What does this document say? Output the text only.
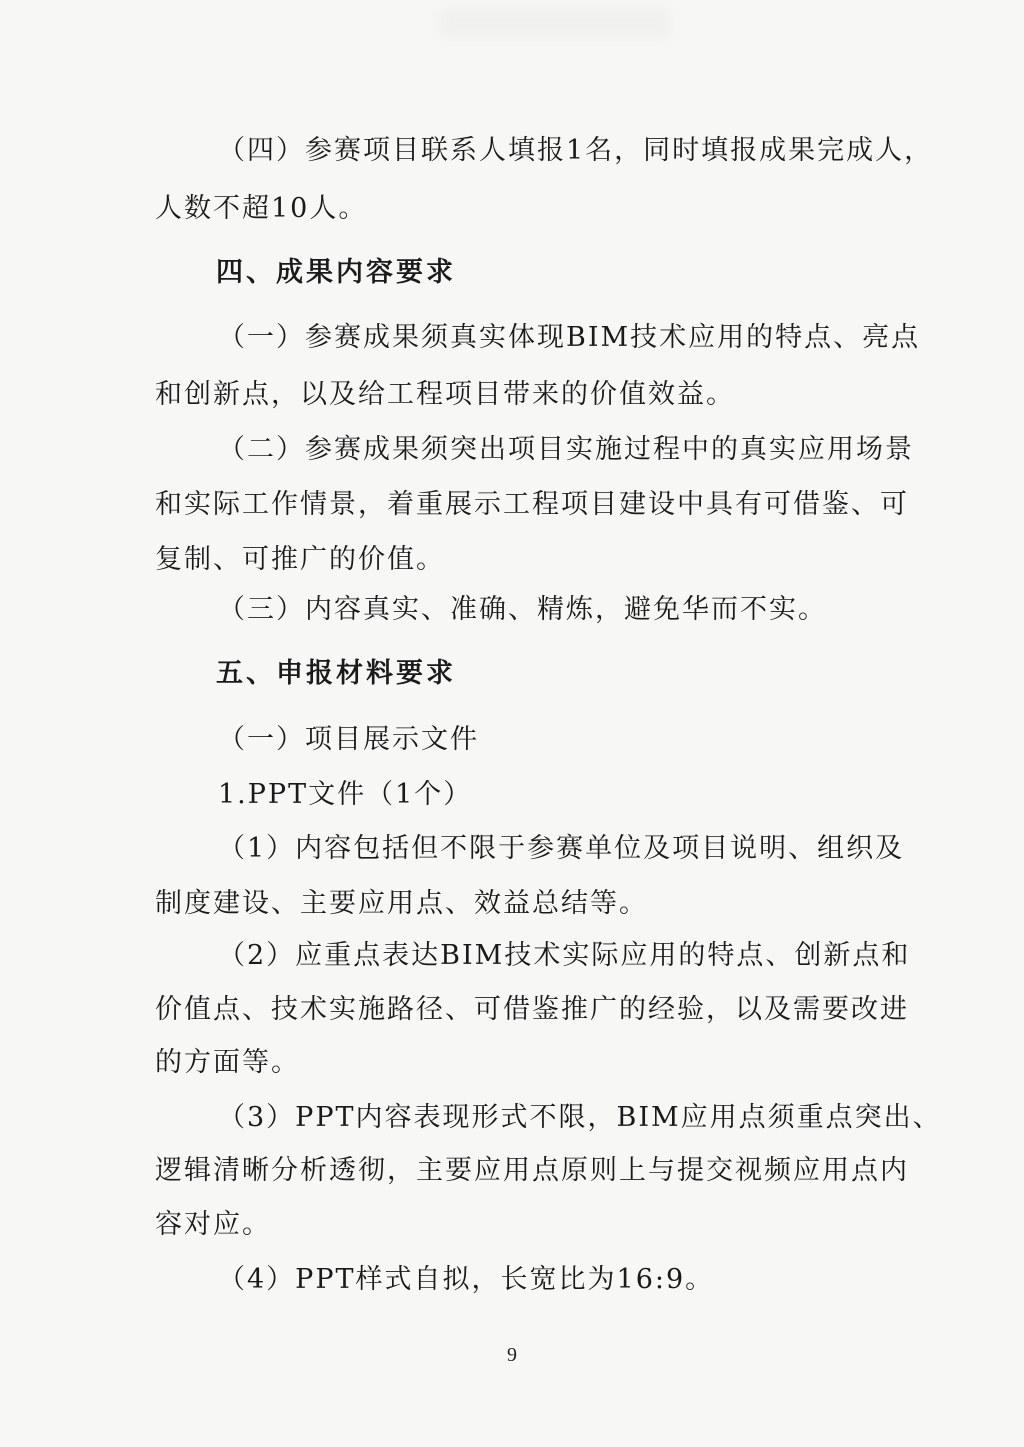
（四）参赛项目联系人填报1名，同时填报成果完成人，
人数不超10人。
四、成果内容要求
（一）参赛成果须真实体现BIM技术应用的特点、亮点
和创新点，以及给工程项目带来的价值效益。
（二）参赛成果须突出项目实施过程中的真实应用场景
和实际工作情景，着重展示工程项目建设中具有可借鉴、可
复制、可推广的价值。
（三）内容真实、准确、精炼，避免华而不实。
五、申报材料要求
（一）项目展示文件
1.PPT文件（1个）
（1）内容包括但不限于参赛单位及项目说明、组织及
制度建设、主要应用点、效益总结等。
（2）应重点表达BIM技术实际应用的特点、创新点和
价值点、技术实施路径、可借鉴推广的经验，以及需要改进
的方面等。
（3）PPT内容表现形式不限，BIM应用点须重点突出、
逻辑清晰分析透彻，主要应用点原则上与提交视频应用点内
容对应。
（4）PPT样式自拟，长宽比为16:9。
9
